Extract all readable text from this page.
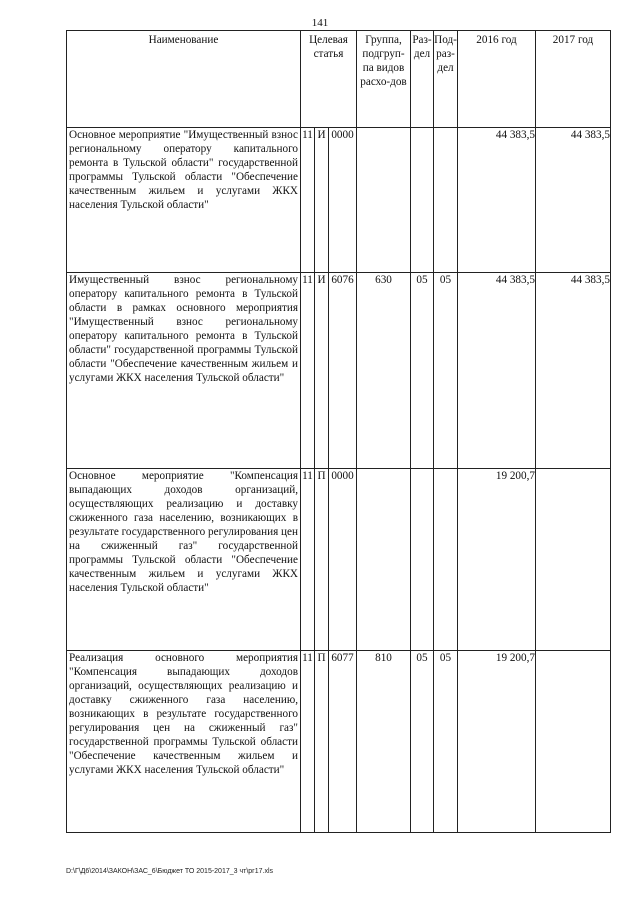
141
Наименование	Целевая статья			Группа, подгруп-па видов расхо-дов	Раз-дел	Под-раз-дел	2016 год	2017 год
Основное мероприятие "Имущественный взнос региональному оператору капитального ремонта в Тульской области" государственной программы Тульской области "Обеспечение качественным жильем и услугами ЖКХ населения Тульской области"	11	И	0000				44 383,5	44 383,5
Имущественный взнос региональному оператору капитального ремонта в Тульской области в рамках основного мероприятия "Имущественный взнос региональному оператору капитального ремонта в Тульской области" государственной программы Тульской области "Обеспечение качественным жильем и услугами ЖКХ населения Тульской области"	11	И	6076	630	05	05	44 383,5	44 383,5
Основное мероприятие "Компенсация выпадающих доходов организаций, осуществляющих реализацию и доставку сжиженного газа населению, возникающих в результате государственного регулирования цен на сжиженный газ" государственной программы Тульской области "Обеспечение качественным жильем и услугами ЖКХ населения Тульской области"	11	П	0000				19 200,7	
Реализация основного мероприятия "Компенсация выпадающих доходов организаций, осуществляющих реализацию и доставку сжиженного газа населению, возникающих в результате государственного регулирования цен на сжиженный газ" государственной программы Тульской области "Обеспечение качественным жильем и услугами ЖКХ населения Тульской области"	11	П	6077	810	05	05	19 200,7	
D:\Г\Д6\2014\ЗАКОН\ЗАС_6\Бюджет ТО 2015-2017_3 чт\рг17.xls
